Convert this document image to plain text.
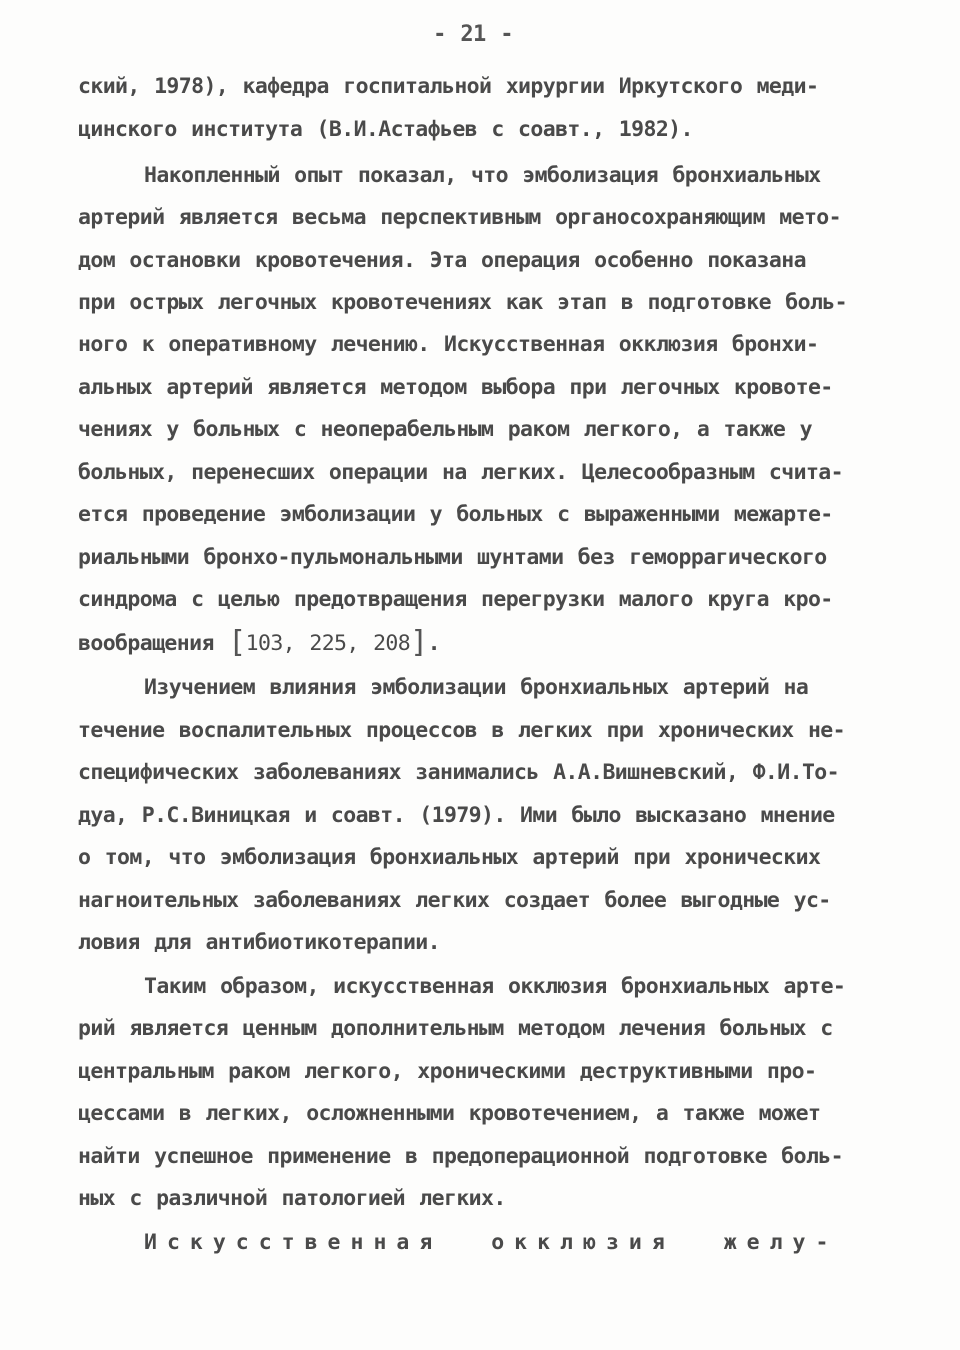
- 21 -
ский, 1978), кафедра госпитальной хирургии Иркутского меди-
цинского института (В.И.Астафьев с соавт., 1982).
Накопленный опыт показал, что эмболизация бронхиальных
артерий является весьма перспективным органосохраняющим мето-
дом остановки кровотечения. Эта операция особенно показана
при острых легочных кровотечениях как этап в подготовке боль-
ного к оперативному лечению. Искусственная окклюзия бронхи-
альных артерий является методом выбора при легочных кровоте-
чениях у больных с неоперабельным раком легкого, а также у
больных, перенесших операции на легких. Целесообразным счита-
ется проведение эмболизации у больных с выраженными межарте-
риальными бронхо-пульмональными шунтами без геморрагического
синдрома с целью предотвращения перегрузки малого круга кро-
вообращения [103, 225, 208].
Изучением влияния эмболизации бронхиальных артерий на
течение воспалительных процессов в легких при хронических не-
специфических заболеваниях занимались А.А.Вишневский, Ф.И.То-
дуа, Р.С.Виницкая и соавт. (1979). Ими было высказано мнение
о том, что эмболизация бронхиальных артерий при хронических
нагноительных заболеваниях легких создает более выгодные ус-
ловия для антибиотикотерапии.
Таким образом, искусственная окклюзия бронхиальных арте-
рий является ценным дополнительным методом лечения больных с
центральным раком легкого, хроническими деструктивными про-
цессами в легких, осложненными кровотечением, а также может
найти успешное применение в предоперационной подготовке боль-
ных с различной патологией легких.
Искусственная окклюзия желу-
